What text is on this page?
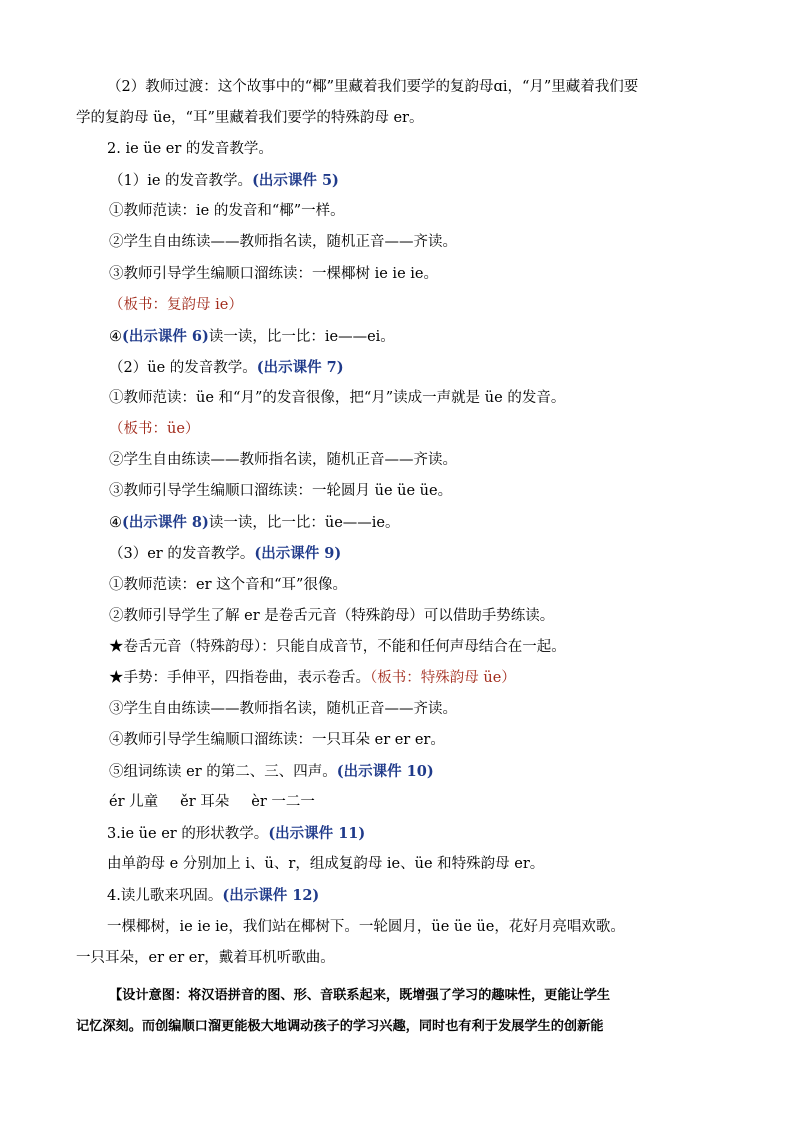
（2）教师过渡：这个故事中的“椰”里藏着我们要学的复韵母ɑi，“月”里藏着我们要
学的复韵母 üe，“耳”里藏着我们要学的特殊韵母 er。
2. ie üe er 的发音教学。
（1）ie 的发音教学。(出示课件 5)
①教师范读：ie 的发音和“椰”一样。
②学生自由练读——教师指名读，随机正音——齐读。
③教师引导学生编顺口溜练读：一棵椰树 ie ie ie。
（板书：复韵母 ie）
④(出示课件 6)读一读，比一比：ie——ei。
（2）üe 的发音教学。(出示课件 7)
①教师范读：üe 和“月”的发音很像，把“月”读成一声就是 üe 的发音。
（板书：üe）
②学生自由练读——教师指名读，随机正音——齐读。
③教师引导学生编顺口溜练读：一轮圆月 üe üe üe。
④(出示课件 8)读一读，比一比：üe——ie。
（3）er 的发音教学。(出示课件 9)
①教师范读：er 这个音和“耳”很像。
②教师引导学生了解 er 是卷舌元音（特殊韵母）可以借助手势练读。
★卷舌元音（特殊韵母）：只能自成音节，不能和任何声母结合在一起。
★手势：手伸平，四指卷曲，表示卷舌。（板书：特殊韵母 üe）
③学生自由练读——教师指名读，随机正音——齐读。
④教师引导学生编顺口溜练读：一只耳朵 er er er。
⑤组词练读 er 的第二、三、四声。(出示课件 10)
ér 儿童 ěr 耳朵 èr 一二一
3.ie üe er 的形状教学。(出示课件 11)
由单韵母 e 分别加上 i、ü、r，组成复韵母 ie、üe 和特殊韵母 er。
4.读儿歌来巩固。(出示课件 12)
一棵椰树，ie ie ie，我们站在椰树下。一轮圆月，üe üe üe，花好月亮唱欢歌。
一只耳朵，er er er，戴着耳机听歌曲。
【设计意图：将汉语拼音的图、形、音联系起来，既增强了学习的趣味性，更能让学生
记忆深刻。而创编顺口溜更能极大地调动孩子的学习兴趣，同时也有利于发展学生的创新能
